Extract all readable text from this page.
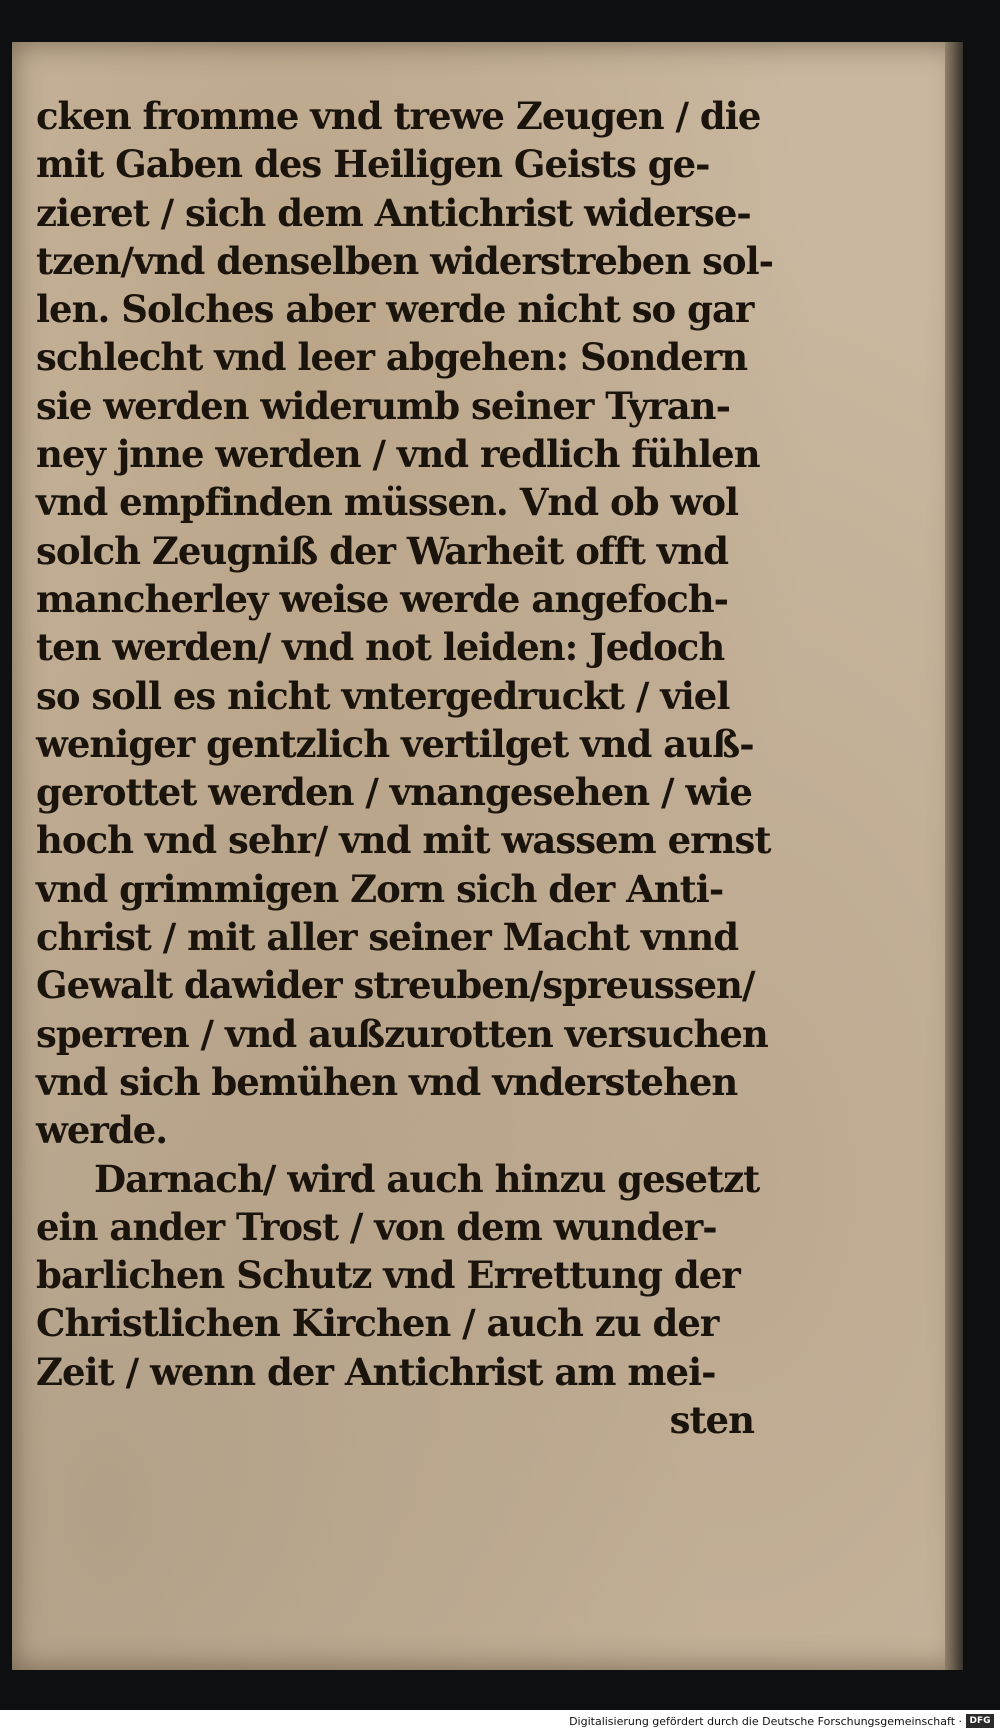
cken fromme vnd trewe Zeugen / die
mit Gaben des Heiligen Geists ge-
zieret / sich dem Antichrist widerse-
tzen/vnd denselben widerstreben sol-
len. Solches aber werde nicht so gar
schlecht vnd leer abgehen: Sondern
sie werden widerumb seiner Tyran-
ney jnne werden / vnd redlich fühlen
vnd empfinden müssen. Vnd ob wol
solch Zeugniß der Warheit offt vnd
mancherley weise werde angefoch-
ten werden/ vnd not leiden: Jedoch
so soll es nicht vntergedruckt / viel
weniger gentzlich vertilget vnd auß-
gerottet werden / vnangesehen / wie
hoch vnd sehr/ vnd mit wassem ernst
vnd grimmigen Zorn sich der Anti-
christ / mit aller seiner Macht vnnd
Gewalt dawider streuben/spreussen/
sperren / vnd außzurotten versuchen
vnd sich bemühen vnd vnderstehen
werde.
Darnach/ wird auch hinzu gesetzt
ein ander Trost / von dem wunder-
barlichen Schutz vnd Errettung der
Christlichen Kirchen / auch zu der
Zeit / wenn der Antichrist am mei-
sten
Digitalisierung gefördert durch die Deutsche Forschungsgemeinschaft · DFG
